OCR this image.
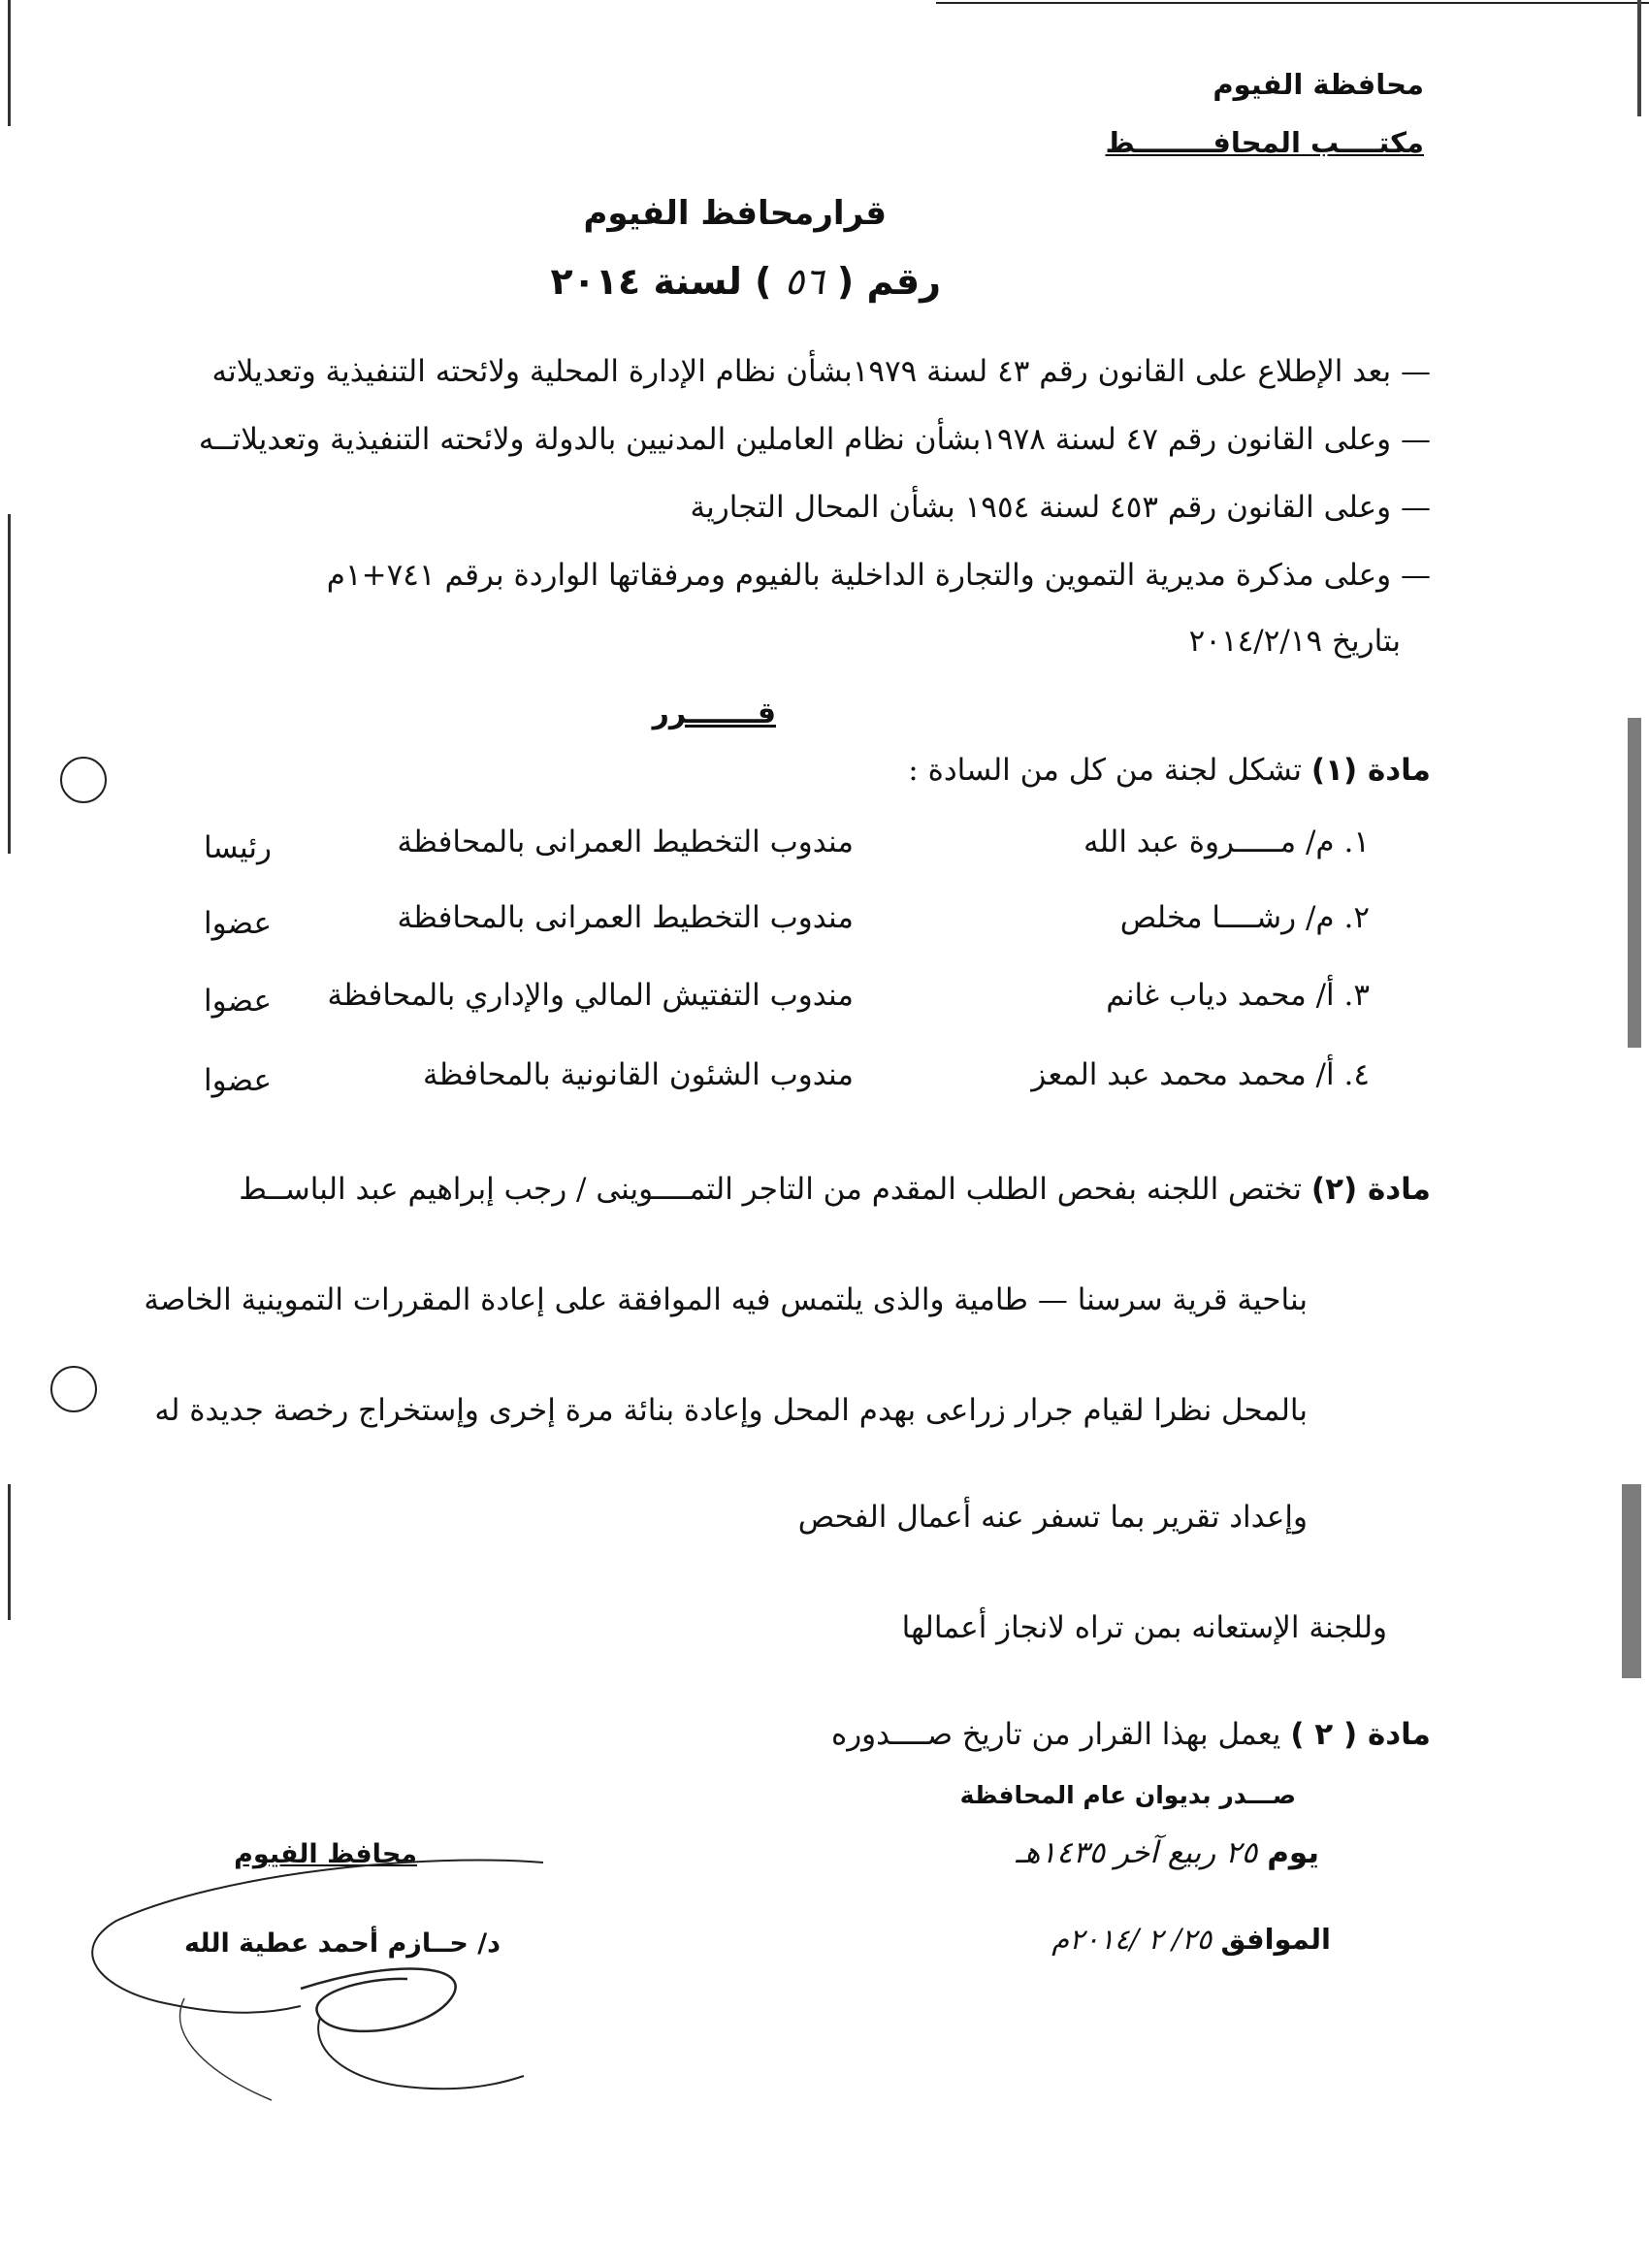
محافظة الفيوم
مكتــــب المحافــــــــظ
قرارمحافظ الفيوم
رقم ( ٥٦ ) لسنة ٢٠١٤
— بعد الإطلاع على القانون رقم ٤٣ لسنة ١٩٧٩بشأن نظام الإدارة المحلية ولائحته التنفيذية وتعديلاته
— وعلى القانون رقم ٤٧ لسنة ١٩٧٨بشأن نظام العاملين المدنيين بالدولة ولائحته التنفيذية وتعديلاتــه
— وعلى القانون رقم ٤٥٣ لسنة ١٩٥٤ بشأن المحال التجارية
— وعلى مذكرة مديرية التموين والتجارة الداخلية بالفيوم ومرفقاتها الواردة برقم ٧٤١+١م
بتاريخ ٢٠١٤/٢/١٩
قـــــــرر
مادة (١) تشكل لجنة من كل من السادة :
١. م/ مـــــروة عبد الله
مندوب التخطيط العمرانى بالمحافظة
رئيسا
٢. م/ رشــــا مخلص
مندوب التخطيط العمرانى بالمحافظة
عضوا
٣. أ/ محمد دياب غانم
مندوب التفتيش المالي والإداري بالمحافظة
عضوا
٤. أ/ محمد محمد عبد المعز
مندوب الشئون القانونية بالمحافظة
عضوا
مادة (٢) تختص اللجنه بفحص الطلب المقدم من التاجر التمــــوينى / رجب إبراهيم عبد الباســط
بناحية قرية سرسنا — طامية والذى يلتمس فيه الموافقة على إعادة المقررات التموينية الخاصة
بالمحل نظرا لقيام جرار زراعى بهدم المحل وإعادة بنائة مرة إخرى وإستخراج رخصة جديدة له
وإعداد تقرير بما تسفر عنه أعمال الفحص
وللجنة الإستعانه بمن تراه لانجاز أعمالها
مادة ( ٢ ) يعمل بهذا القرار من تاريخ صــــدوره
صـــدر بديوان عام المحافظة
يوم ٢٥ ربيع آخر ١٤٣٥هـ
الموافق ٢٥/ ٢ /٢٠١٤م
محافظ الفيوم
د/ حــازم أحمد عطية الله
